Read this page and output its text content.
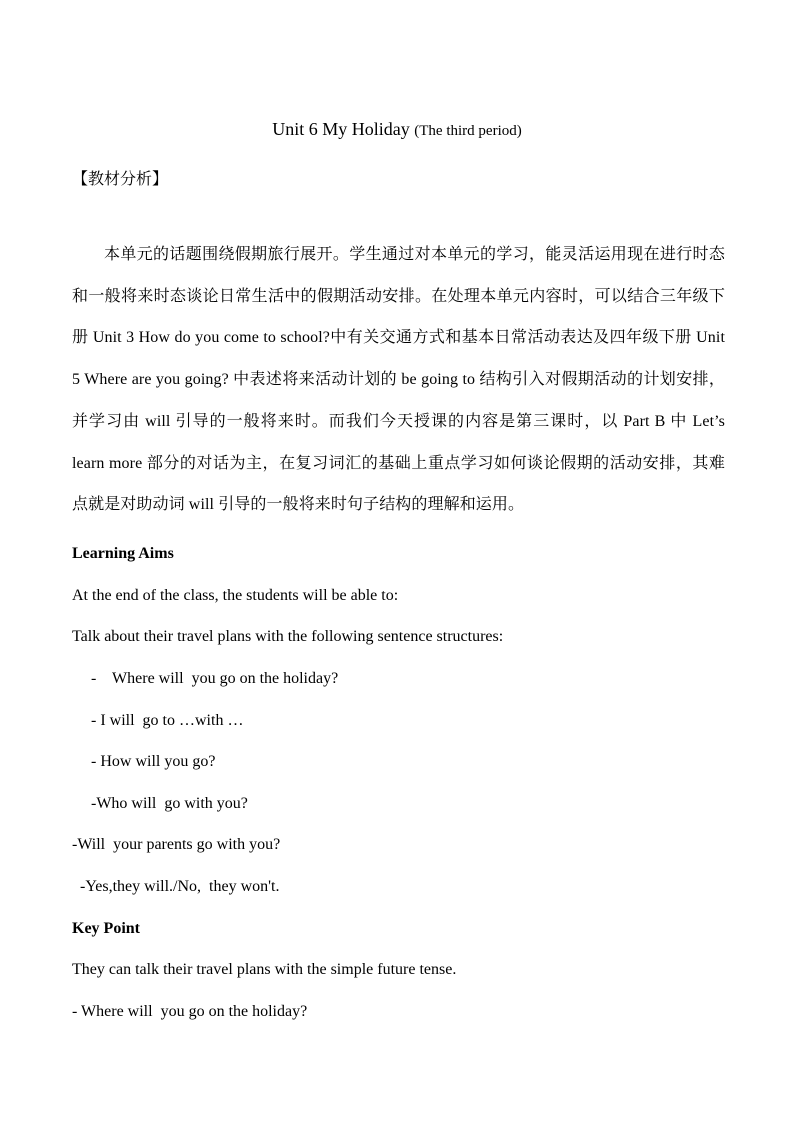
Unit 6 My Holiday (The third period)
【教材分析】
本单元的话题围绕假期旅行展开。学生通过对本单元的学习，能灵活运用现在进行时态和一般将来时态谈论日常生活中的假期活动安排。在处理本单元内容时，可以结合三年级下册 Unit 3 How do you come to school?中有关交通方式和基本日常活动表达及四年级下册 Unit 5 Where are you going? 中表述将来活动计划的 be going to 结构引入对假期活动的计划安排，并学习由 will 引导的一般将来时。而我们今天授课的内容是第三课时，以 Part B 中 Let’s learn more 部分的对话为主，在复习词汇的基础上重点学习如何谈论假期的活动安排，其难点就是对助动词 will 引导的一般将来时句子结构的理解和运用。
Learning Aims
At the end of the class, the students will be able to:
Talk about their travel plans with the following sentence structures:
-    Where will  you go on the holiday?
- I will  go to …with …
- How will you go?
-Who will  go with you?
-Will  your parents go with you?
-Yes,they will./No,  they won't.
Key Point
They can talk their travel plans with the simple future tense.
- Where will  you go on the holiday?
